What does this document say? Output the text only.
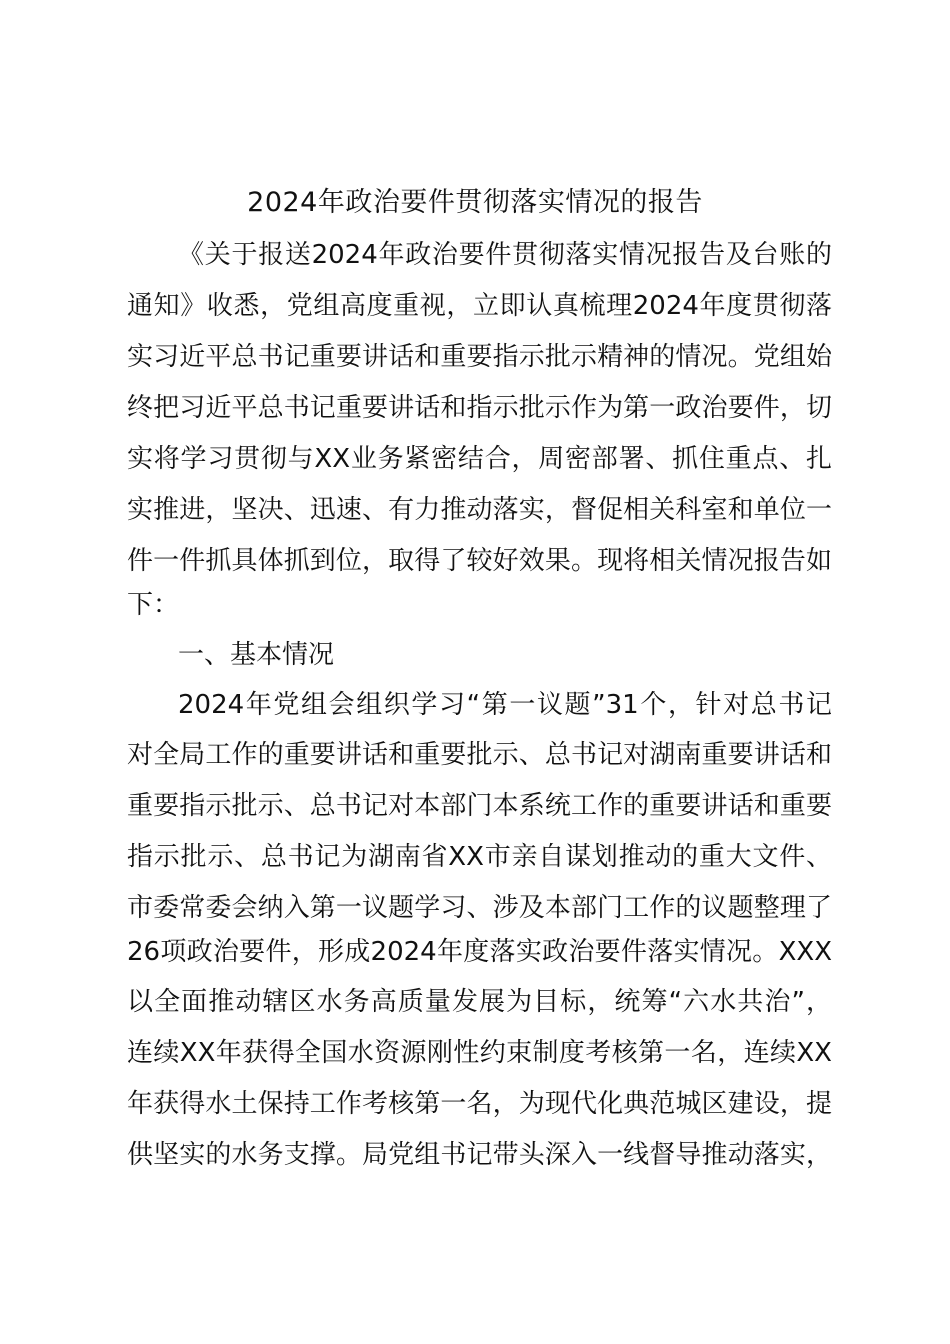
2024年政治要件贯彻落实情况的报告
《关于报送2024年政治要件贯彻落实情况报告及台账的
通知》收悉，党组高度重视，立即认真梳理2024年度贯彻落
实习近平总书记重要讲话和重要指示批示精神的情况。党组始
终把习近平总书记重要讲话和指示批示作为第一政治要件，切
实将学习贯彻与XX业务紧密结合，周密部署、抓住重点、扎
实推进，坚决、迅速、有力推动落实，督促相关科室和单位一
件一件抓具体抓到位，取得了较好效果。现将相关情况报告如
下：
一、基本情况
2024年党组会组织学习“第一议题”31个，针对总书记
对全局工作的重要讲话和重要批示、总书记对湖南重要讲话和
重要指示批示、总书记对本部门本系统工作的重要讲话和重要
指示批示、总书记为湖南省XX市亲自谋划推动的重大文件、
市委常委会纳入第一议题学习、涉及本部门工作的议题整理了
26项政治要件，形成2024年度落实政治要件落实情况。XXX
以全面推动辖区水务高质量发展为目标，统筹“六水共治”，
连续XX年获得全国水资源刚性约束制度考核第一名，连续XX
年获得水土保持工作考核第一名，为现代化典范城区建设，提
供坚实的水务支撑。局党组书记带头深入一线督导推动落实，
